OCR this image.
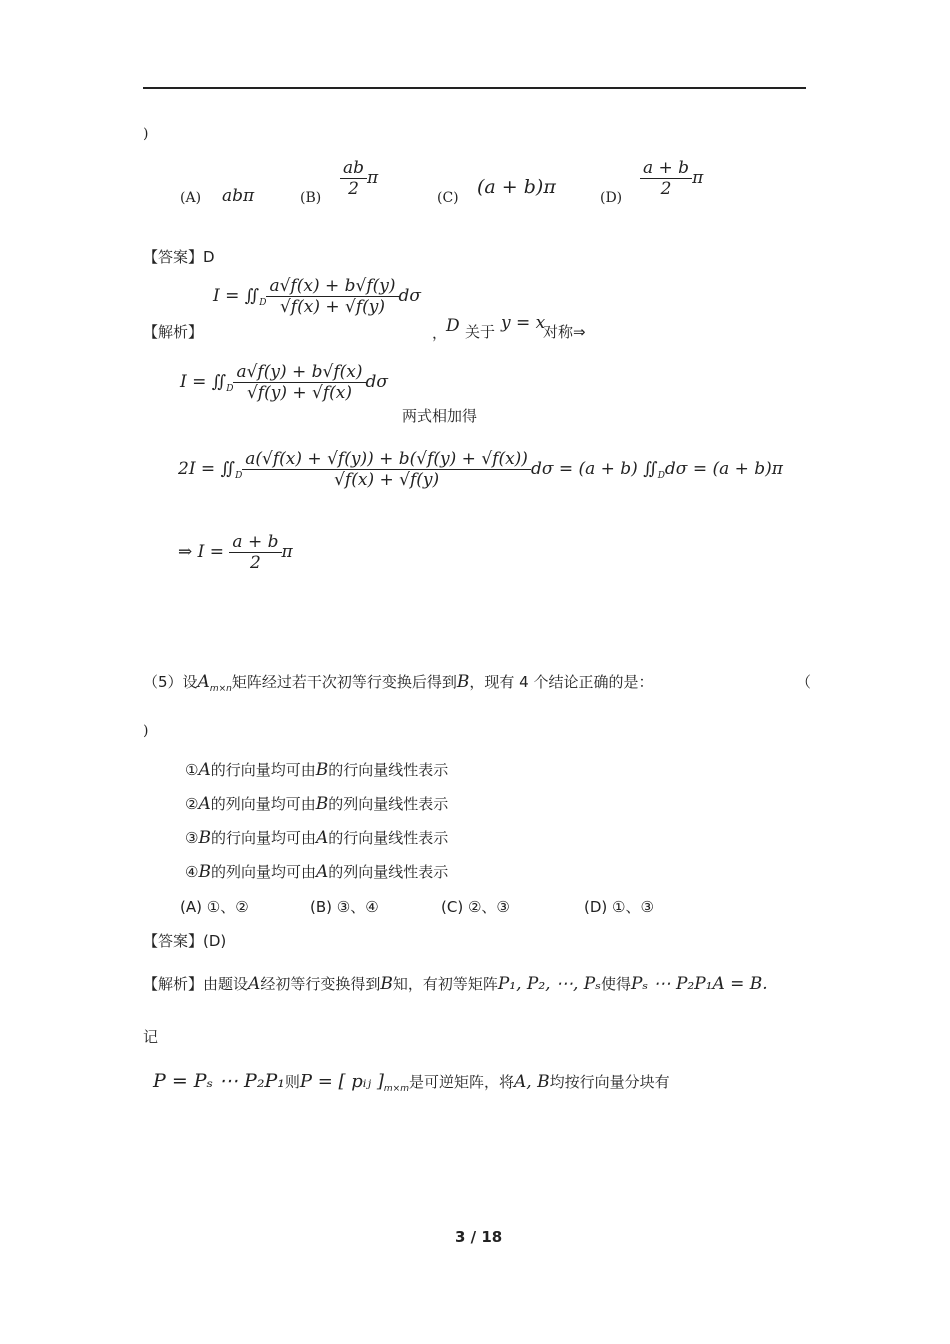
)
(A) abπ	$(B) \frac{ab}{2}$ π
(C) (a + b)π	$(D) \frac{a + b}{2}$ π
【答案】D
【解析】
$I = ∬_D \frac{a√f(x) + b√f(y)}{√f(x) + √f(y)}$ dσ
，
D 关于 y = x
对称⇒
$I = ∬_D \frac{a√f(y) + b√f(x)}{√f(y) + √f(x)}$ dσ
两式相加得
$2I = ∬_D \frac{a(√f(x) + √f(y)) + b(√f(y) + √f(x))}{√f(x) + √f(y)}$ dσ = (a + b) $∬_Dd\sigma = (a + b)\pi$
⇒ $I = \frac{a + b}{2}$ π
（5）设$A_{m\times n}$矩阵经过若干次初等行变换后得到B，现有 4 个结论正确的是：	（
)
①A的行向量均可由B的行向量线性表示
②A的列向量均可由B的列向量线性表示
③B的行向量均可由A的行向量线性表示
④B的列向量均可由A的列向量线性表示
(A) ①、②	(B) ③、④	(C) ②、③	(D) ①、③
【答案】(D)
【解析】由题设A经初等行变换得到B知，有初等矩阵P₁, P₂, ⋯, Pₛ使得Pₛ ⋯ P₂P₁A = B.
记
P = Pₛ ⋯ P₂P₁则P = [ pᵢⱼ ]$_{m\times m}$是可逆矩阵，将A, B均按行向量分块有
3 / 18
